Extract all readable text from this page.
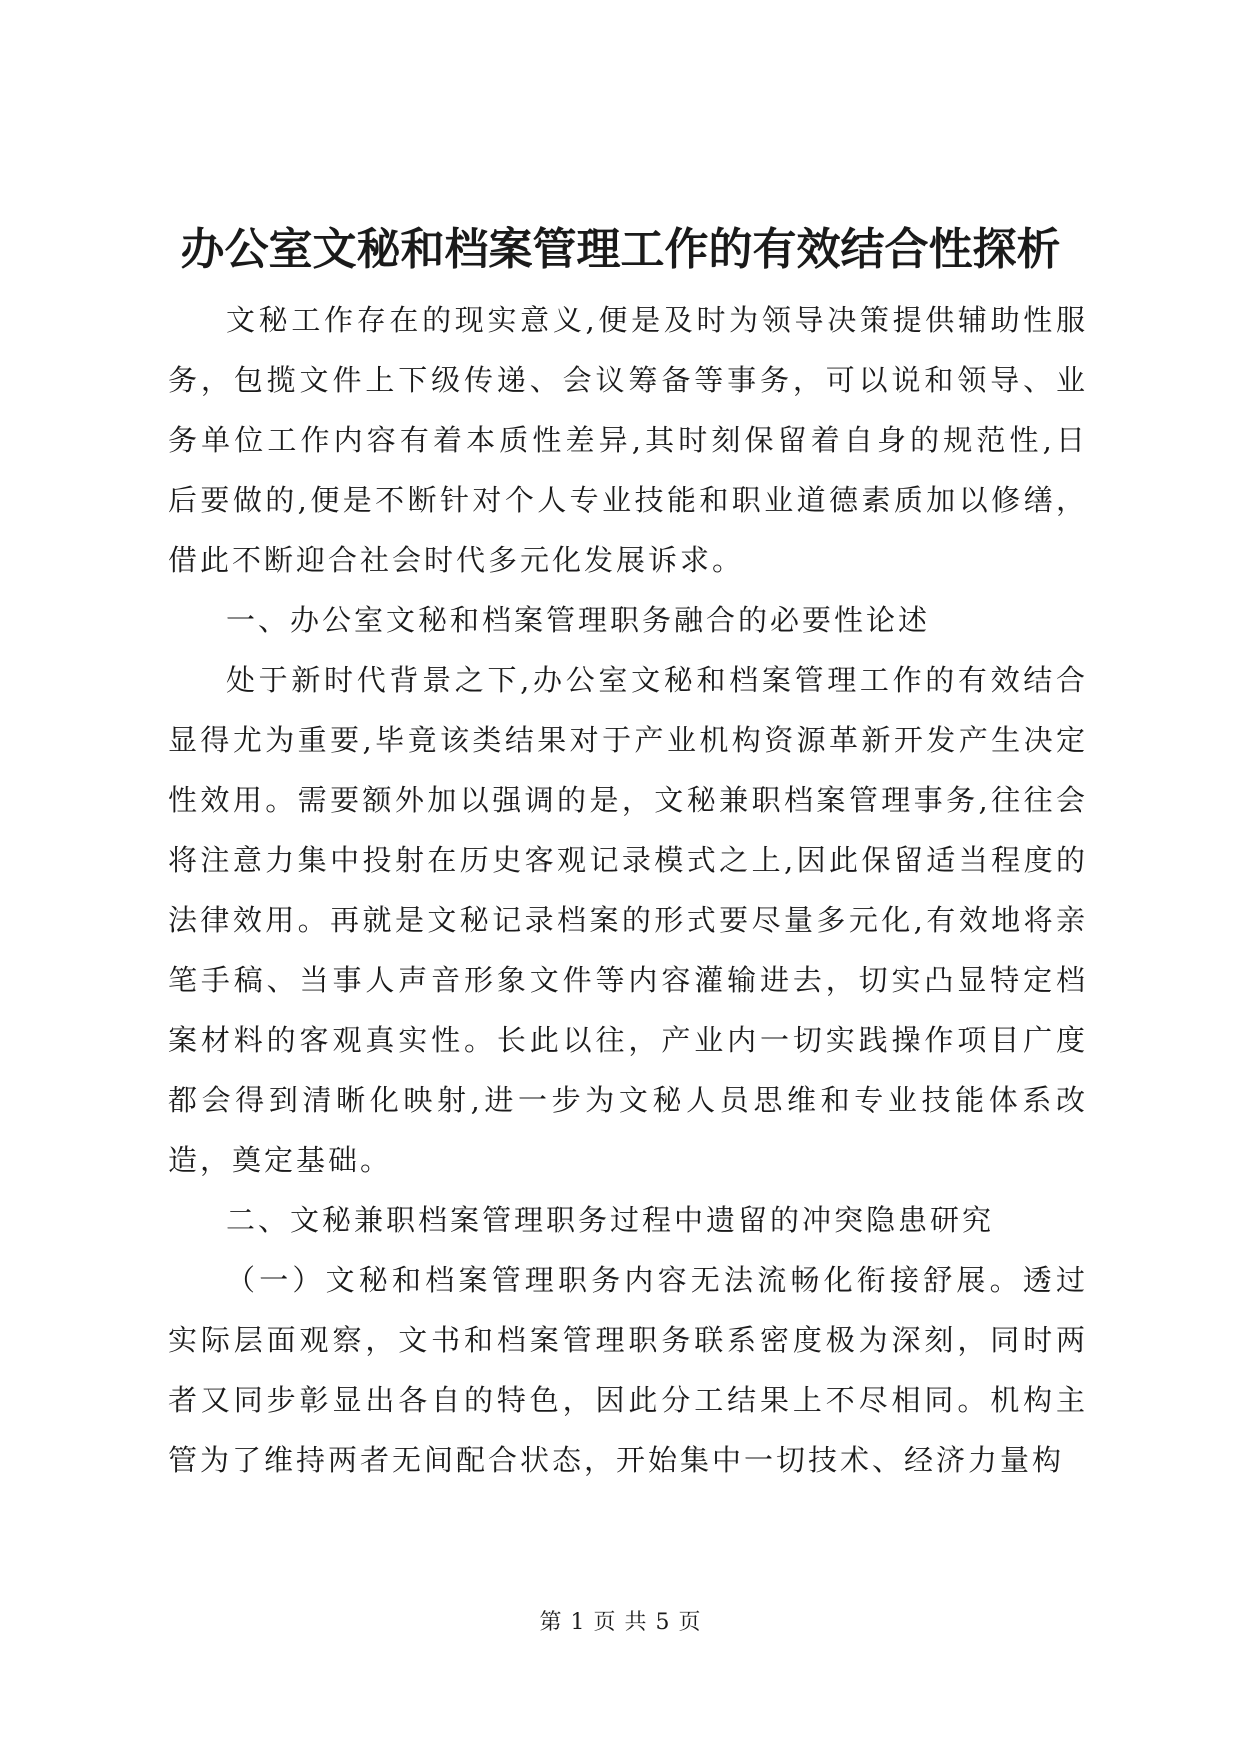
办公室文秘和档案管理工作的有效结合性探析

文秘工作存在的现实意义,便是及时为领导决策提供辅助性服务，包揽文件上下级传递、会议筹备等事务，可以说和领导、业务单位工作内容有着本质性差异,其时刻保留着自身的规范性,日后要做的,便是不断针对个人专业技能和职业道德素质加以修缮，借此不断迎合社会时代多元化发展诉求。

一、办公室文秘和档案管理职务融合的必要性论述

处于新时代背景之下,办公室文秘和档案管理工作的有效结合显得尤为重要,毕竟该类结果对于产业机构资源革新开发产生决定性效用。需要额外加以强调的是，文秘兼职档案管理事务,往往会将注意力集中投射在历史客观记录模式之上,因此保留适当程度的法律效用。再就是文秘记录档案的形式要尽量多元化,有效地将亲笔手稿、当事人声音形象文件等内容灌输进去，切实凸显特定档案材料的客观真实性。长此以往，产业内一切实践操作项目广度都会得到清晰化映射,进一步为文秘人员思维和专业技能体系改造，奠定基础。

二、文秘兼职档案管理职务过程中遗留的冲突隐患研究

（一）文秘和档案管理职务内容无法流畅化衔接舒展。透过实际层面观察，文书和档案管理职务联系密度极为深刻，同时两者又同步彰显出各自的特色，因此分工结果上不尽相同。机构主管为了维持两者无间配合状态，开始集中一切技术、经济力量构

第 1 页 共 5 页
